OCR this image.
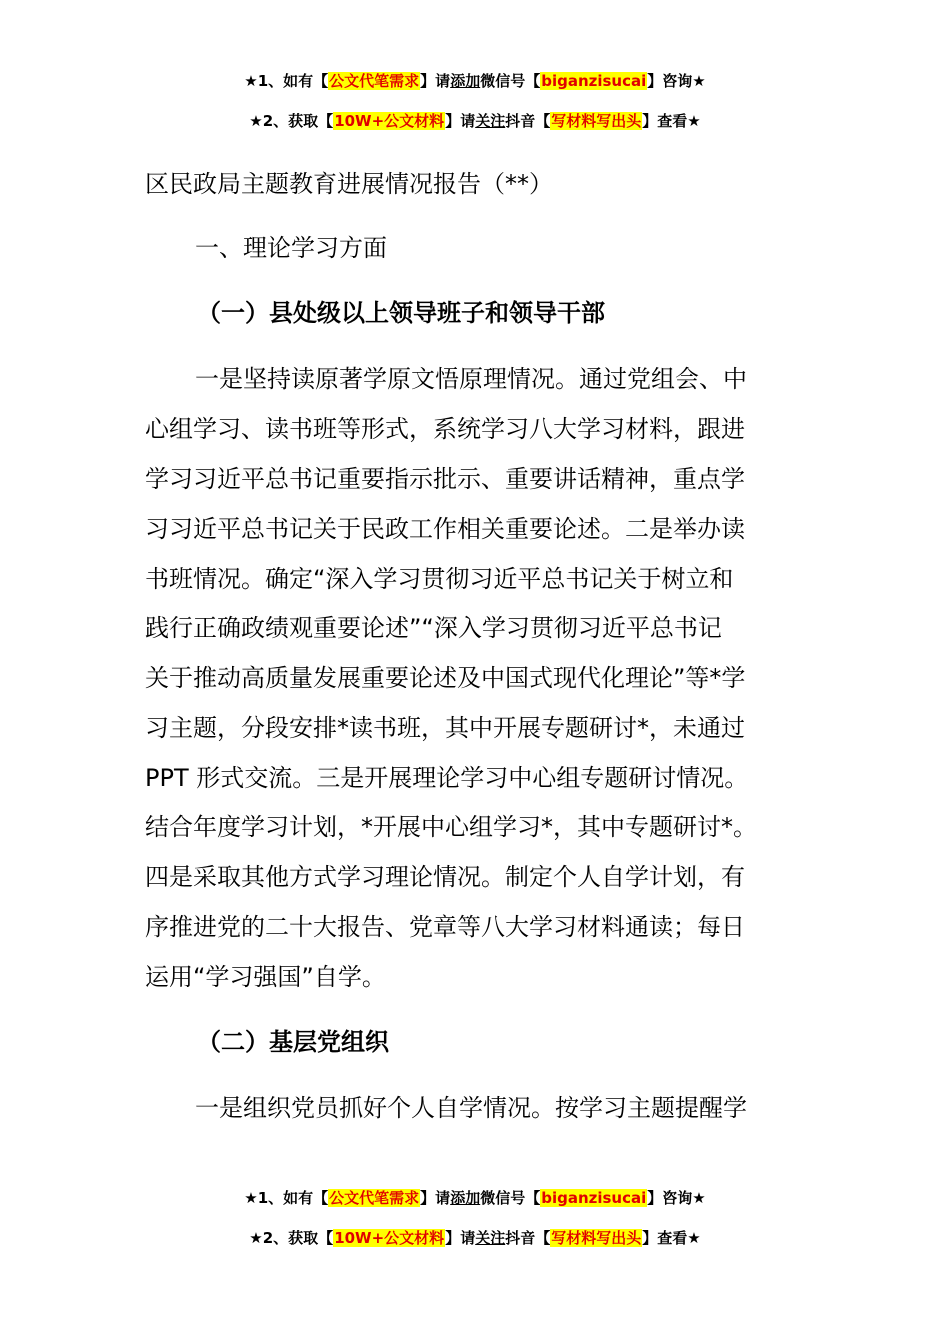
★1、如有【公文代笔需求】请添加微信号【biganzisucai】咨询★
★2、获取【10W+公文材料】请关注抖音【写材料写出头】查看★
区民政局主题教育进展情况报告（**）
一、理论学习方面
（一）县处级以上领导班子和领导干部
一是坚持读原著学原文悟原理情况。通过党组会、中
心组学习、读书班等形式，系统学习八大学习材料，跟进
学习习近平总书记重要指示批示、重要讲话精神，重点学
习习近平总书记关于民政工作相关重要论述。二是举办读
书班情况。确定“深入学习贯彻习近平总书记关于树立和
践行正确政绩观重要论述”“深入学习贯彻习近平总书记
关于推动高质量发展重要论述及中国式现代化理论”等*学
习主题，分段安排*读书班，其中开展专题研讨*，未通过
PPT 形式交流。三是开展理论学习中心组专题研讨情况。
结合年度学习计划，*开展中心组学习*，其中专题研讨*。
四是采取其他方式学习理论情况。制定个人自学计划，有
序推进党的二十大报告、党章等八大学习材料通读；每日
运用“学习强国”自学。
（二）基层党组织
一是组织党员抓好个人自学情况。按学习主题提醒学
★1、如有【公文代笔需求】请添加微信号【biganzisucai】咨询★
★2、获取【10W+公文材料】请关注抖音【写材料写出头】查看★
